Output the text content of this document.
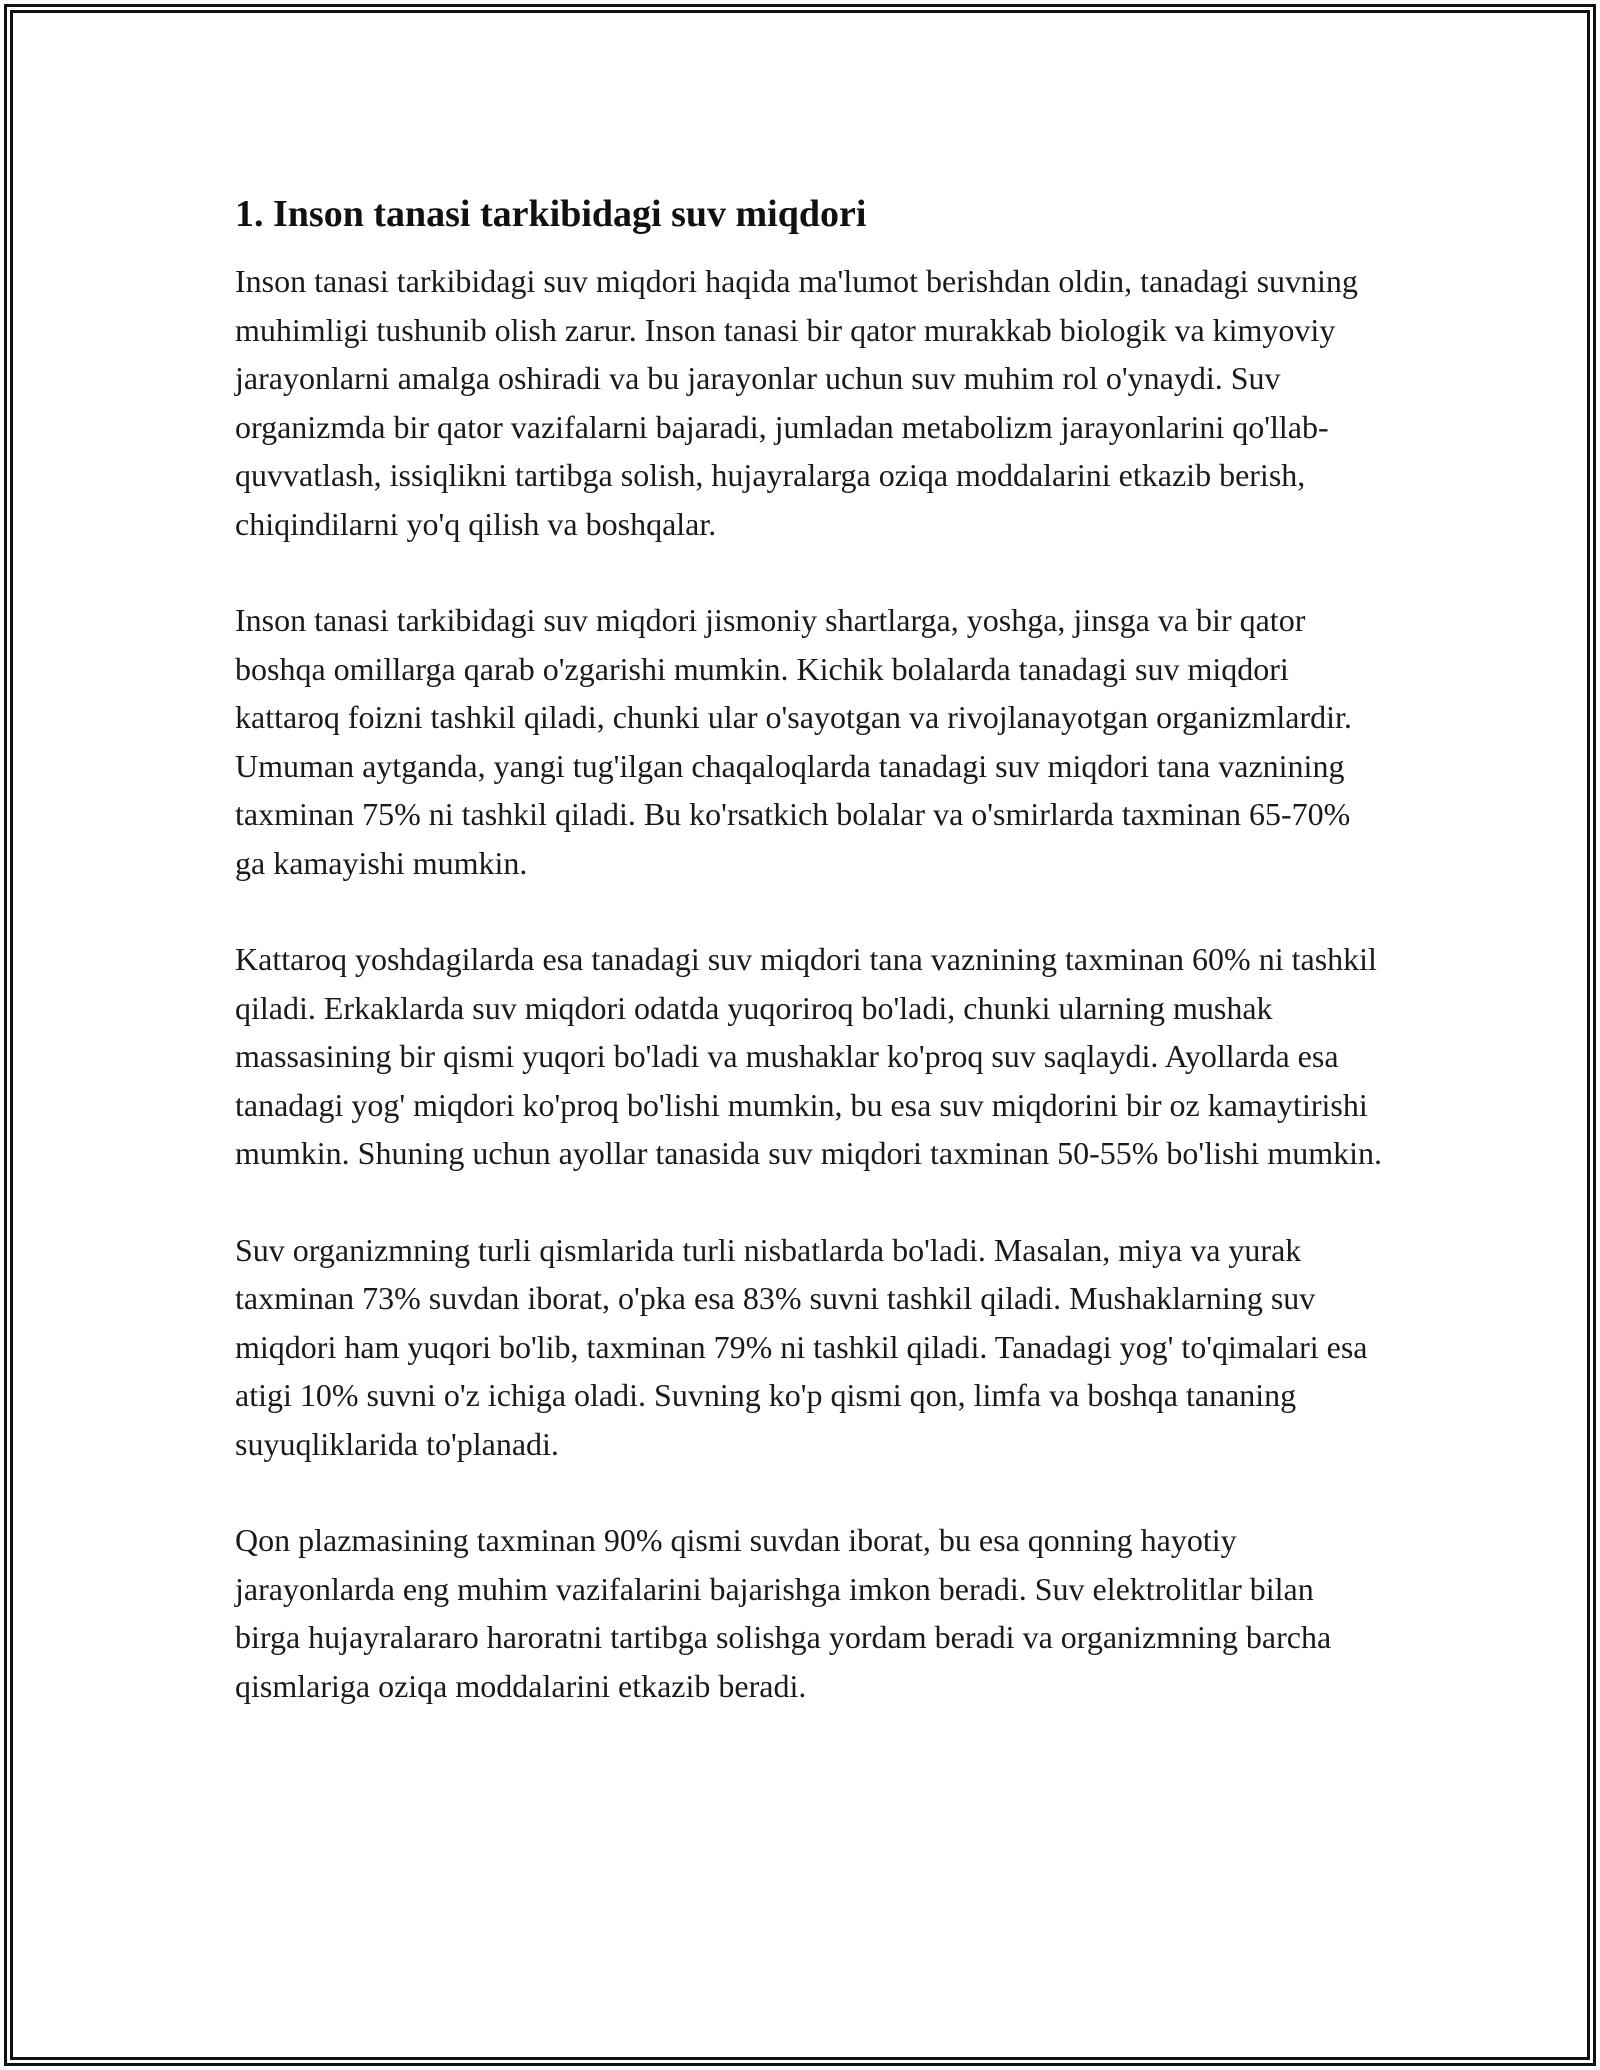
1. Inson tanasi tarkibidagi suv miqdori

Inson tanasi tarkibidagi suv miqdori haqida ma'lumot berishdan oldin, tanadagi suvning muhimligi tushunib olish zarur. Inson tanasi bir qator murakkab biologik va kimyoviy jarayonlarni amalga oshiradi va bu jarayonlar uchun suv muhim rol o'ynaydi. Suv organizmda bir qator vazifalarni bajaradi, jumladan metabolizm jarayonlarini qo'llab-quvvatlash, issiqlikni tartibga solish, hujayralarga oziqa moddalarini etkazib berish, chiqindilarni yo'q qilish va boshqalar.

Inson tanasi tarkibidagi suv miqdori jismoniy shartlarga, yoshga, jinsga va bir qator boshqa omillarga qarab o'zgarishi mumkin. Kichik bolalarda tanadagi suv miqdori kattaroq foizni tashkil qiladi, chunki ular o'sayotgan va rivojlanayotgan organizmlardir. Umuman aytganda, yangi tug'ilgan chaqaloqlarda tanadagi suv miqdori tana vaznining taxminan 75% ni tashkil qiladi. Bu ko'rsatkich bolalar va o'smirlarda taxminan 65-70% ga kamayishi mumkin.

Kattaroq yoshdagilarda esa tanadagi suv miqdori tana vaznining taxminan 60% ni tashkil qiladi. Erkaklarda suv miqdori odatda yuqoriroq bo'ladi, chunki ularning mushak massasining bir qismi yuqori bo'ladi va mushaklar ko'proq suv saqlaydi. Ayollarda esa tanadagi yog' miqdori ko'proq bo'lishi mumkin, bu esa suv miqdorini bir oz kamaytirishi mumkin. Shuning uchun ayollar tanasida suv miqdori taxminan 50-55% bo'lishi mumkin.

Suv organizmning turli qismlarida turli nisbatlarda bo'ladi. Masalan, miya va yurak taxminan 73% suvdan iborat, o'pka esa 83% suvni tashkil qiladi. Mushaklarning suv miqdori ham yuqori bo'lib, taxminan 79% ni tashkil qiladi. Tanadagi yog' to'qimalari esa atigi 10% suvni o'z ichiga oladi. Suvning ko'p qismi qon, limfa va boshqa tananing suyuqliklarida to'planadi.

Qon plazmasining taxminan 90% qismi suvdan iborat, bu esa qonning hayotiy jarayonlarda eng muhim vazifalarini bajarishga imkon beradi. Suv elektrolitlar bilan birga hujayralararo haroratni tartibga solishga yordam beradi va organizmning barcha qismlariga oziqa moddalarini etkazib beradi.
